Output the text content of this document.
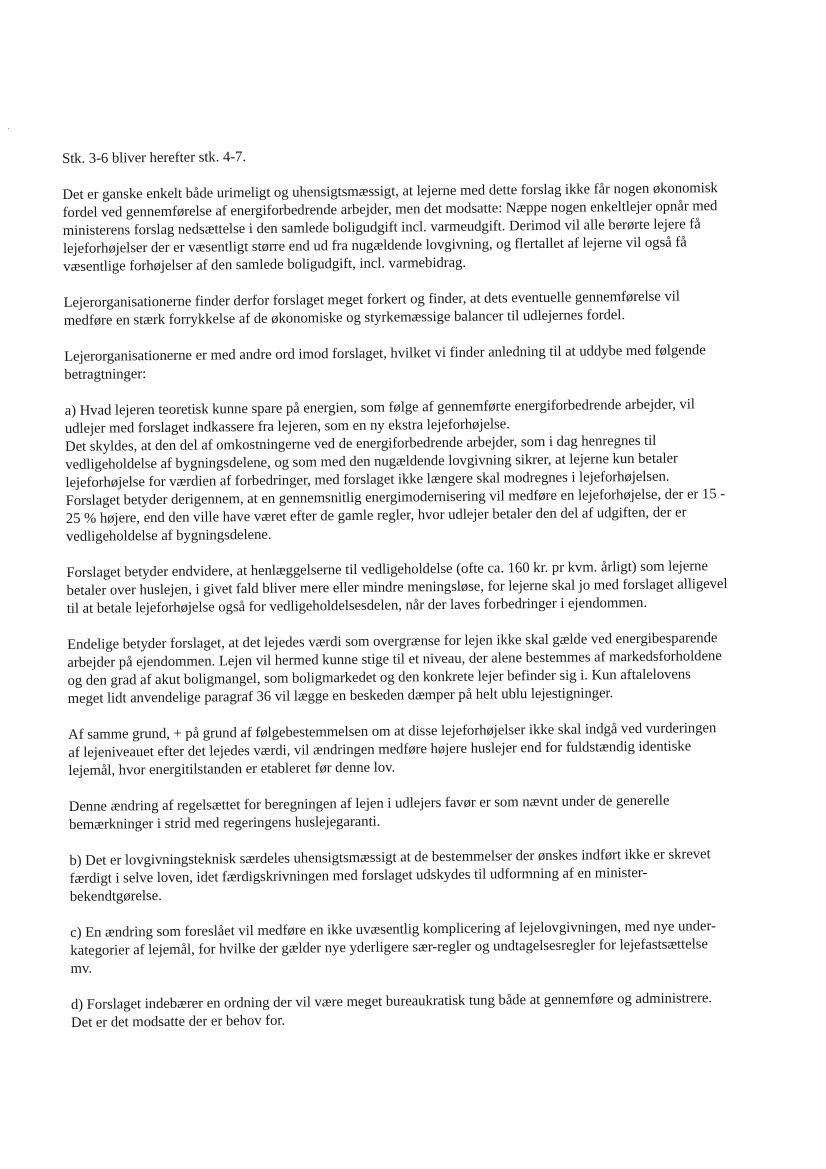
Stk. 3-6 bliver herefter stk. 4-7.
Det er ganske enkelt både urimeligt og uhensigtsmæssigt, at lejerne med dette forslag ikke får nogen økonomisk
fordel ved gennemførelse af energiforbedrende arbejder, men det modsatte: Næppe nogen enkeltlejer opnår med
ministerens forslag nedsættelse i den samlede boligudgift incl. varmeudgift. Derimod vil alle berørte lejere få
lejeforhøjelser der er væsentligt større end ud fra nugældende lovgivning, og flertallet af lejerne vil også få
væsentlige forhøjelser af den samlede boligudgift, incl. varmebidrag.
Lejerorganisationerne finder derfor forslaget meget forkert og finder, at dets eventuelle gennemførelse vil
medføre en stærk forrykkelse af de økonomiske og styrkemæssige balancer til udlejernes fordel.
Lejerorganisationerne er med andre ord imod forslaget, hvilket vi finder anledning til at uddybe med følgende
betragtninger:
a) Hvad lejeren teoretisk kunne spare på energien, som følge af gennemførte energiforbedrende arbejder, vil
udlejer med forslaget indkassere fra lejeren, som en ny ekstra lejeforhøjelse.
Det skyldes, at den del af omkostningerne ved de energiforbedrende arbejder, som i dag henregnes til
vedligeholdelse af bygningsdelene, og som med den nugældende lovgivning sikrer, at lejerne kun betaler
lejeforhøjelse for værdien af forbedringer, med forslaget ikke længere skal modregnes i lejeforhøjelsen.
Forslaget betyder derigennem, at en gennemsnitlig energimodernisering vil medføre en lejeforhøjelse, der er 15 -
25 % højere, end den ville have været efter de gamle regler, hvor udlejer betaler den del af udgiften, der er
vedligeholdelse af bygningsdelene.
Forslaget betyder endvidere, at henlæggelserne til vedligeholdelse (ofte ca. 160 kr. pr kvm. årligt) som lejerne
betaler over huslejen, i givet fald bliver mere eller mindre meningsløse, for lejerne skal jo med forslaget alligevel
til at betale lejeforhøjelse også for vedligeholdelsesdelen, når der laves forbedringer i ejendommen.
Endelige betyder forslaget, at det lejedes værdi som overgrænse for lejen ikke skal gælde ved energibesparende
arbejder på ejendommen. Lejen vil hermed kunne stige til et niveau, der alene bestemmes af markedsforholdene
og den grad af akut boligmangel, som boligmarkedet og den konkrete lejer befinder sig i. Kun aftalelovens
meget lidt anvendelige paragraf 36 vil lægge en beskeden dæmper på helt ublu lejestigninger.
Af samme grund, + på grund af følgebestemmelsen om at disse lejeforhøjelser ikke skal indgå ved vurderingen
af lejeniveauet efter det lejedes værdi, vil ændringen medføre højere huslejer end for fuldstændig identiske
lejemål, hvor energitilstanden er etableret før denne lov.
Denne ændring af regelsættet for beregningen af lejen i udlejers favør er som nævnt under de generelle
bemærkninger i strid med regeringens huslejegaranti.
b) Det er lovgivningsteknisk særdeles uhensigtsmæssigt at de bestemmelser der ønskes indført ikke er skrevet
færdigt i selve loven, idet færdigskrivningen med forslaget udskydes til udformning af en minister-
bekendtgørelse.
c) En ændring som foreslået vil medføre en ikke uvæsentlig komplicering af lejelovgivningen, med nye under-
kategorier af lejemål, for hvilke der gælder nye yderligere sær-regler og undtagelsesregler for lejefastsættelse
mv.
d) Forslaget indebærer en ordning der vil være meget bureaukratisk tung både at gennemføre og administrere.
Det er det modsatte der er behov for.
